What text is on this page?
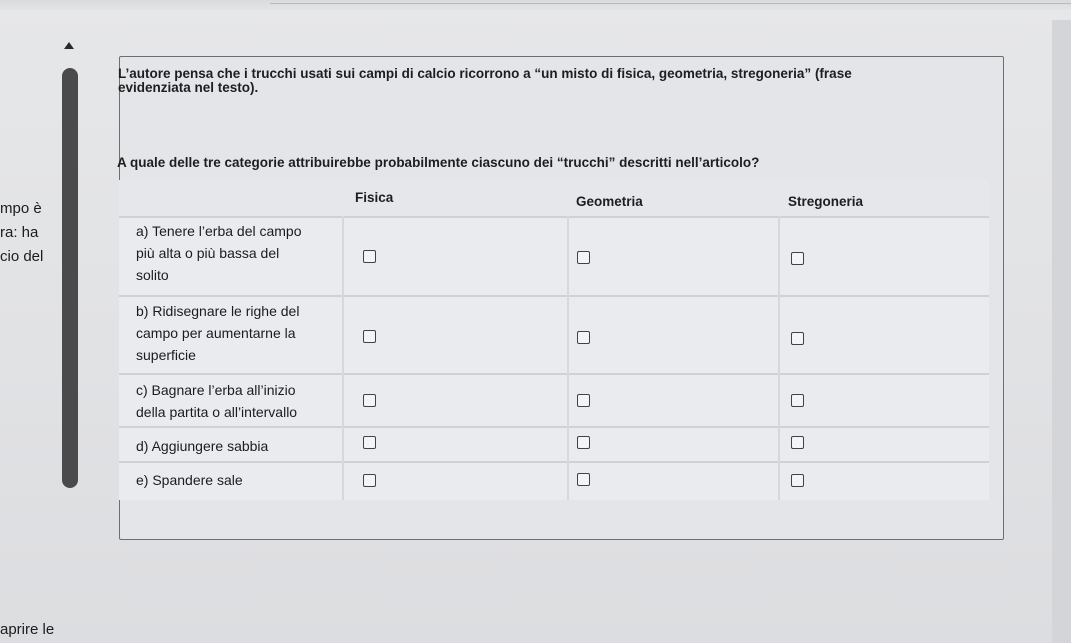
mpo è
ra: ha
cio del
aprire le
L’autore pensa che i trucchi usati sui campi di calcio ricorrono a “un misto di fisica, geometria, stregoneria” (frase
evidenziata nel testo).
A quale delle tre categorie attribuirebbe probabilmente ciascuno dei “trucchi” descritti nell’articolo?
Fisica	Geometria	Stregoneria
a) Tenere l’erba del campo
più alta o più bassa del
solito
b) Ridisegnare le righe del
campo per aumentarne la
superficie
c) Bagnare l’erba all’inizio
della partita o all’intervallo
d) Aggiungere sabbia
e) Spandere sale
